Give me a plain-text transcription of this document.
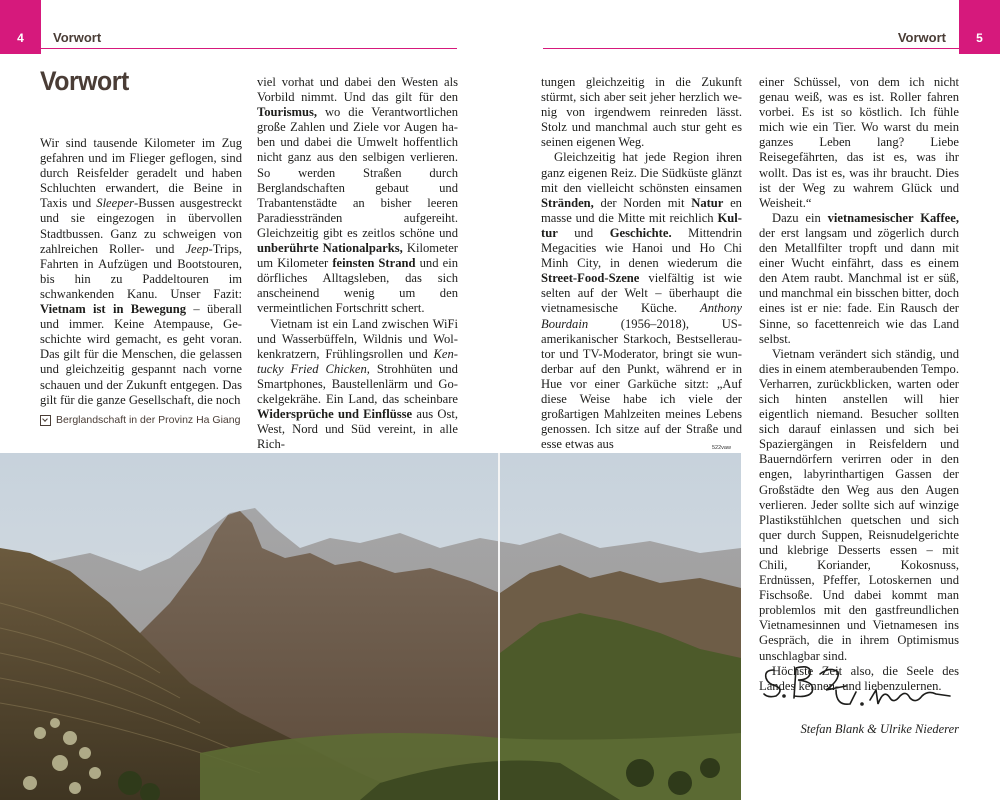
4	Vorwort	5
Vorwort
Vorwort

Wir sind tausende Kilometer im Zug gefahren und im Flieger geflogen, sind durch Reisfelder geradelt und haben Schluchten erwandert, die Beine in Taxis und Sleeper-Bussen ausgestreckt und sie eingezogen in übervollen Stadtbussen. Ganz zu schweigen von zahlreichen Roller- und Jeep-Trips, Fahrten in Aufzügen und Bootstouren, bis hin zu Paddeltouren im schwankenden Kanu. Unser Fazit: Vietnam ist in Bewegung – überall und immer. Keine Atempause, Geschichte wird gemacht, es geht voran. Das gilt für die Menschen, die gelassen und gleichzeitig gespannt nach vorne schauen und der Zukunft entgegen. Das gilt für die ganze Gesellschaft, die noch

Berglandschaft in der Provinz Ha Giang

viel vorhat und dabei den Westen als Vorbild nimmt. Und das gilt für den Tourismus, wo die Verantwortlichen große Zahlen und Ziele vor Augen haben und dabei die Umwelt hoffentlich nicht ganz aus den selbigen verlieren. So werden Straßen durch Berglandschaften gebaut und Trabantenstädte an bisher leeren Paradiesstränden aufgereiht. Gleichzeitig gibt es zeitlos schöne und unberührte Nationalparks, Kilometer um Kilometer feinsten Strand und ein dörfliches Alltagsleben, das sich anscheinend wenig um den vermeintlichen Fortschritt schert.

Vietnam ist ein Land zwischen WiFi und Wasserbüffeln, Wildnis und Wolkenkratzern, Frühlingsrollen und Kentucky Fried Chicken, Strohhüten und Smartphones, Baustellenlärm und Gockelgekrähe. Ein Land, das scheinbare Widersprüche und Einflüsse aus Ost, West, Nord und Süd vereint, in alle Rich-

tungen gleichzeitig in die Zukunft stürmt, sich aber seit jeher herzlich wenig von irgendwem reinreden lässt. Stolz und manchmal auch stur geht es seinen eigenen Weg.

Gleichzeitig hat jede Region ihren ganz eigenen Reiz. Die Südküste glänzt mit den vielleicht schönsten einsamen Stränden, der Norden mit Natur en masse und die Mitte mit reichlich Kultur und Geschichte. Mittendrin Megacities wie Hanoi und Ho Chi Minh City, in denen wiederum die Street-Food-Szene vielfältig ist wie selten auf der Welt – überhaupt die vietnamesische Küche. Anthony Bourdain (1956–2018), US-amerikanischer Starkoch, Bestsellerautor und TV-Moderator, bringt sie wunderbar auf den Punkt, während er in Hue vor einer Garküche sitzt: „Auf diese Weise habe ich viele der großartigen Mahlzeiten meines Lebens genossen. Ich sitze auf der Straße und esse etwas aus

einer Schüssel, von dem ich nicht genau weiß, was es ist. Roller fahren vorbei. Es ist so köstlich. Ich fühle mich wie ein Tier. Wo warst du mein ganzes Leben lang? Liebe Reisegefährten, das ist es, was ihr wollt. Das ist es, was ihr braucht. Dies ist der Weg zu wahrem Glück und Weisheit.“

Dazu ein vietnamesischer Kaffee, der erst langsam und zögerlich durch den Metallfilter tropft und dann mit einer Wucht einfährt, dass es einem den Atem raubt. Manchmal ist er süß, und manchmal ein bisschen bitter, doch eines ist er nie: fade. Ein Rausch der Sinne, so facettenreich wie das Land selbst.

Vietnam verändert sich ständig, und dies in einem atemberaubenden Tempo. Verharren, zurückblicken, warten oder sich hinten anstellen will hier eigentlich niemand. Besucher sollten sich darauf einlassen und sich bei Spaziergängen in Reisfeldern und Bauerndörfern verirren oder in den engen, labyrinthartigen Gassen der Großstädte den Weg aus den Augen verlieren. Jeder sollte sich auf winzige Plastikstühlchen quetschen und sich quer durch Suppen, Reisnudelgerichte und klebrige Desserts essen – mit Chili, Koriander, Kokosnuss, Erdnüssen, Pfeffer, Lotoskernen und Fischsoße. Und dabei kommt man problemlos mit den gastfreundlichen Vietnamesinnen und Vietnamesen ins Gespräch, die in ihrem Optimismus unschlagbar sind.

Höchste Zeit also, die Seele des Landes kennen- und liebenzulernen.

522vaw
Stefan Blank & Ulrike Niederer
